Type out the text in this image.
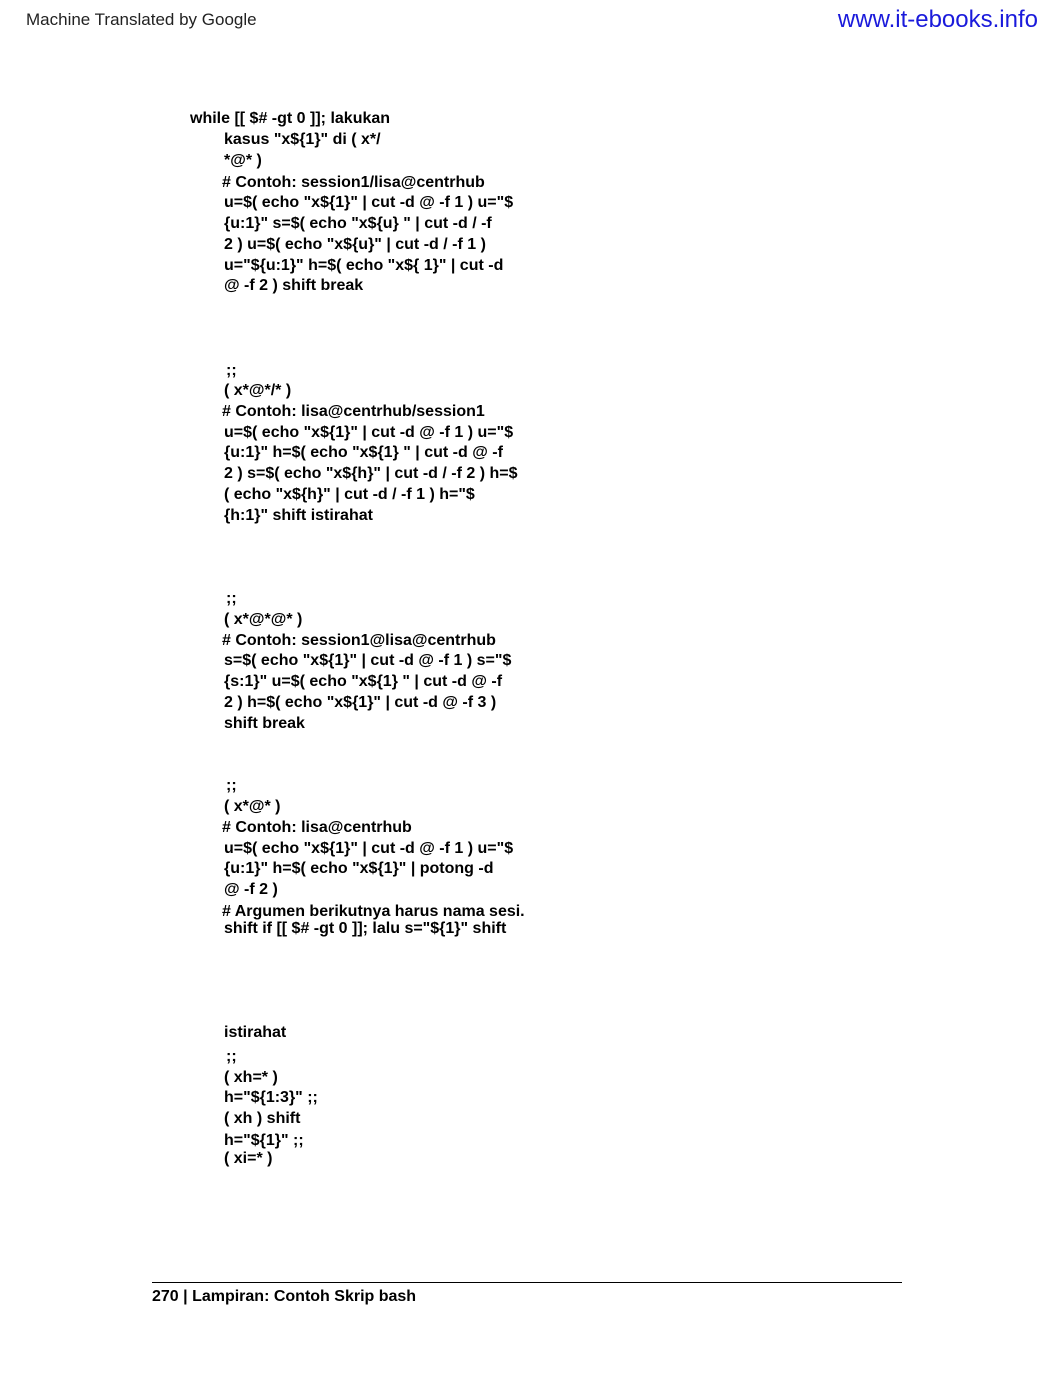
Machine Translated by Google	www.it-ebooks.info
while [[ $# -gt 0 ]]; lakukan
kasus "x${1}" di ( x*/
*@* )
# Contoh: session1/lisa@centrhub
u=$( echo "x${1}" | cut -d @ -f 1 ) u="$
{u:1}" s=$( echo "x${u} " | cut -d / -f
2 ) u=$( echo "x${u}" | cut -d / -f 1 )
u="${u:1}" h=$( echo "x${ 1}" | cut -d
@ -f 2 ) shift break
;;
( x*@*/* )
# Contoh: lisa@centrhub/session1
u=$( echo "x${1}" | cut -d @ -f 1 ) u="$
{u:1}" h=$( echo "x${1} " | cut -d @ -f
2 ) s=$( echo "x${h}" | cut -d / -f 2 ) h=$
( echo "x${h}" | cut -d / -f 1 ) h="$
{h:1}" shift istirahat
;;
( x*@*@* )
# Contoh: session1@lisa@centrhub
s=$( echo "x${1}" | cut -d @ -f 1 ) s="$
{s:1}" u=$( echo "x${1} " | cut -d @ -f
2 ) h=$( echo "x${1}" | cut -d @ -f 3 )
shift break
;;
( x*@* )
# Contoh: lisa@centrhub
u=$( echo "x${1}" | cut -d @ -f 1 ) u="$
{u:1}" h=$( echo "x${1}" | potong -d
@ -f 2 )
# Argumen berikutnya harus nama sesi.
shift if [[ $# -gt 0 ]]; lalu s="${1}" shift
istirahat
;;
( xh=* )
h="${1:3}" ;;
( xh ) shift
h="${1}" ;;
( xi=* )
270 | Lampiran: Contoh Skrip bash
